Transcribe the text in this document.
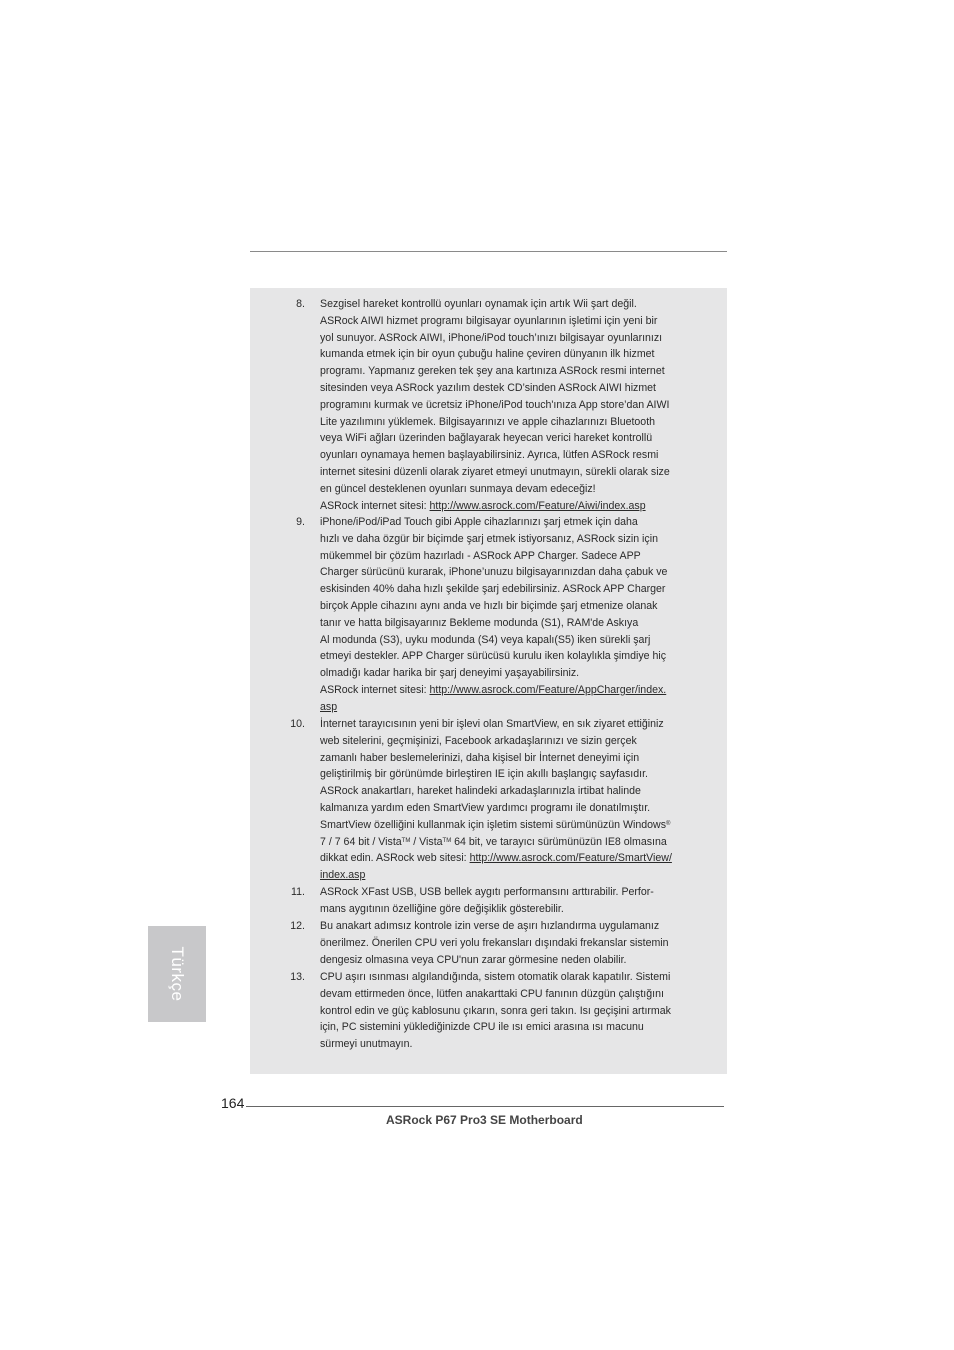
8. Sezgisel hareket kontrollü oyunları oynamak için artık Wii şart değil.
ASRock AIWI hizmet programı bilgisayar oyunlarının işletimi için yeni bir
yol sunuyor. ASRock AIWI, iPhone/iPod touch’ınızı bilgisayar oyunlarınızı
kumanda etmek için bir oyun çubuğu haline çeviren dünyanın ilk hizmet
programı. Yapmanız gereken tek şey ana kartınıza ASRock resmi internet
sitesinden veya ASRock yazılım destek CD’sinden ASRock AIWI hizmet
programını kurmak ve ücretsiz iPhone/iPod touch'ınıza App store’dan AIWI
Lite yazılımını yüklemek. Bilgisayarınızı ve apple cihazlarınızı Bluetooth
veya WiFi ağları üzerinden bağlayarak heyecan verici hareket kontrollü
oyunları oynamaya hemen başlayabilirsiniz. Ayrıca, lütfen ASRock resmi
internet sitesini düzenli olarak ziyaret etmeyi unutmayın, sürekli olarak size
en güncel desteklenen oyunları sunmaya devam edeceğiz!
ASRock internet sitesi: http://www.asrock.com/Feature/Aiwi/index.asp
9. iPhone/iPod/iPad Touch gibi Apple cihazlarınızı şarj etmek için daha
hızlı ve daha özgür bir biçimde şarj etmek istiyorsanız, ASRock sizin için
mükemmel bir çözüm hazırladı - ASRock APP Charger. Sadece APP
Charger sürücünü kurarak, iPhone’unuzu bilgisayarınızdan daha çabuk ve
eskisinden 40% daha hızlı şekilde şarj edebilirsiniz. ASRock APP Charger
birçok Apple cihazını aynı anda ve hızlı bir biçimde şarj etmenize olanak
tanır ve hatta bilgisayarınız Bekleme modunda (S1), RAM'de Askıya
Al modunda (S3), uyku modunda (S4) veya kapalı(S5) iken sürekli şarj
etmeyi destekler. APP Charger sürücüsü kurulu iken kolaylıkla şimdiye hiç
olmadığı kadar harika bir şarj deneyimi yaşayabilirsiniz.
ASRock internet sitesi: http://www.asrock.com/Feature/AppCharger/index.
asp
10. İnternet tarayıcısının yeni bir işlevi olan SmartView, en sık ziyaret ettiğiniz
web sitelerini, geçmişinizi, Facebook arkadaşlarınızı ve sizin gerçek
zamanlı haber beslemelerinizi, daha kişisel bir İnternet deneyimi için
geliştirilmiş bir görünümde birleştiren IE için akıllı başlangıç sayfasıdır.
ASRock anakartları, hareket halindeki arkadaşlarınızla irtibat halinde
kalmanıza yardım eden SmartView yardımcı programı ile donatılmıştır.
SmartView özelliğini kullanmak için işletim sistemi sürümünüzün Windows®
7 / 7 64 bit / Vista™ / Vista™ 64 bit, ve tarayıcı sürümünüzün IE8 olmasına
dikkat edin. ASRock web sitesi: http://www.asrock.com/Feature/SmartView/
index.asp
11. ASRock XFast USB, USB bellek aygıtı performansını arttırabilir. Perfor-
mans aygıtının özelliğine göre değişiklik gösterebilir.
12. Bu anakart adımsız kontrole izin verse de aşırı hızlandırma uygulamanız
önerilmez. Önerilen CPU veri yolu frekansları dışındaki frekanslar sistemin
dengesiz olmasına veya CPU'nun zarar görmesine neden olabilir.
13. CPU aşırı ısınması algılandığında, sistem otomatik olarak kapatılır. Sistemi
devam ettirmeden önce, lütfen anakarttaki CPU fanının düzgün çalıştığını
kontrol edin ve güç kablosunu çıkarın, sonra geri takın. Isı geçişini artırmak
için, PC sistemini yüklediğinizde CPU ile ısı emici arasına ısı macunu
sürmeyi unutmayın.
Türkçe
164
ASRock P67 Pro3 SE Motherboard
